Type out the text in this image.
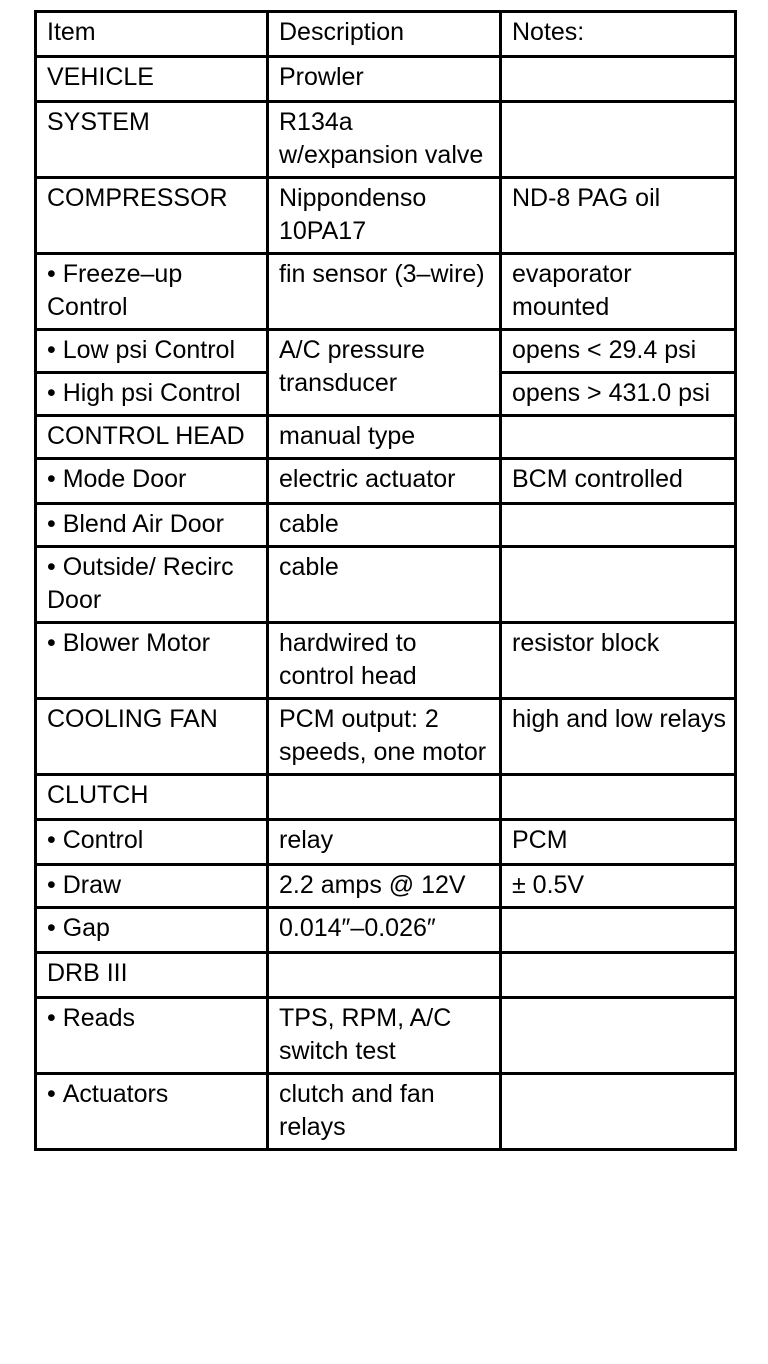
Item	Description	Notes:
VEHICLE	Prowler	
SYSTEM	R134a w/expansion valve	
COMPRESSOR	Nippondenso 10PA17	ND-8 PAG oil
• Freeze–up Control	fin sensor (3–wire)	evaporator mounted
• Low psi Control	A/C pressure transducer	opens < 29.4 psi
• High psi Control		opens > 431.0 psi
CONTROL HEAD	manual type	
• Mode Door	electric actuator	BCM controlled
• Blend Air Door	cable	
• Outside/ Recirc Door	cable	
• Blower Motor	hardwired to control head	resistor block
COOLING FAN	PCM output: 2 speeds, one motor	high and low relays
CLUTCH		
• Control	relay	PCM
• Draw	2.2 amps @ 12V	± 0.5V
• Gap	0.014″–0.026″	
DRB III		
• Reads	TPS, RPM, A/C switch test	
• Actuators	clutch and fan relays	
